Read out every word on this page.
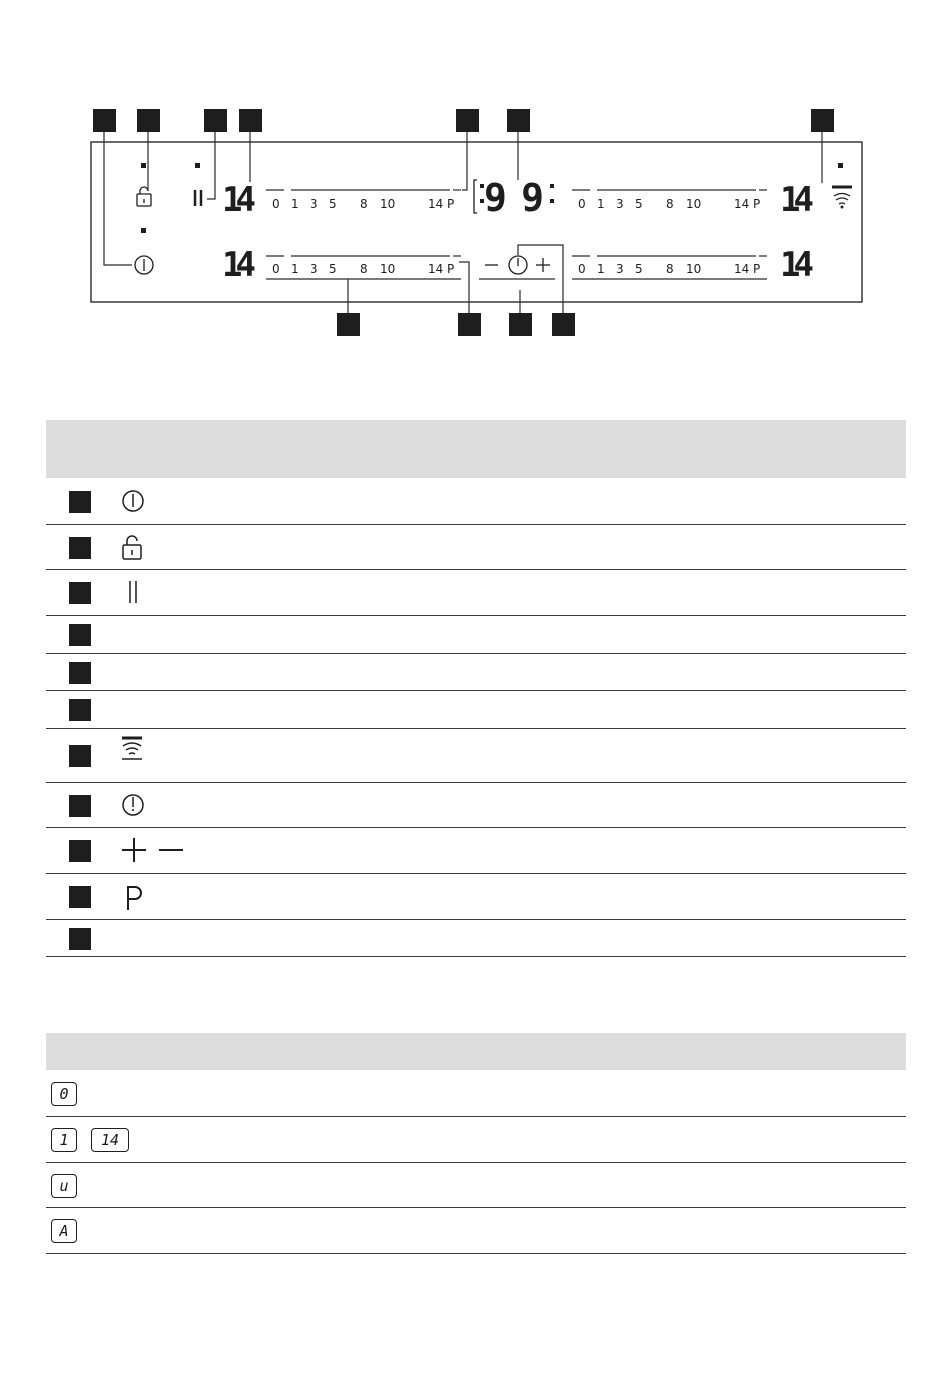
14
14
14
14
99
0 1 3 5 8 10	14 P	0 1 3 5 8 10	14 P
0 1 3 5 8 10	14 P	0 1 3 5 8 10	14 P
0
1	14
u
A
